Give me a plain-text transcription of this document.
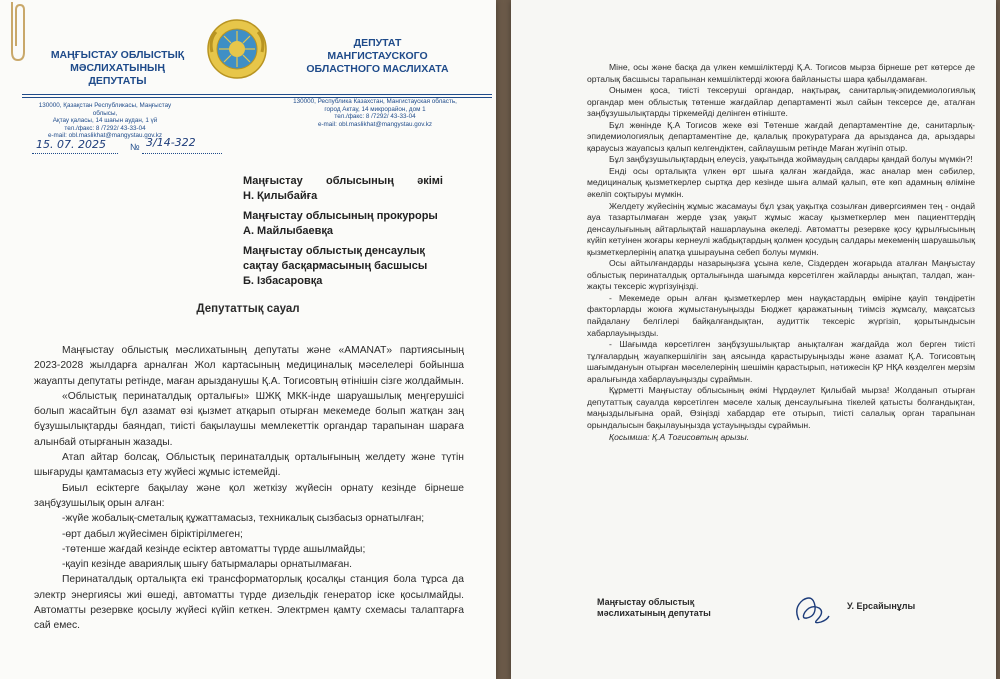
МАҢҒЫСТАУ ОБЛЫСТЫҚ
МӘСЛИХАТЫНЫҢ
ДЕПУТАТЫ
ДЕПУТАТ
МАНГИСТАУСКОГО
ОБЛАСТНОГО МАСЛИХАТА
130000, Қазақстан Республикасы, Маңғыстау облысы,
Ақтау қаласы, 14 шағын аудан, 1 үй
тел./факс: 8 /7292/ 43-33-04
e-mail: obl.maslikhat@mangystau.gov.kz
130000, Республика Казахстан, Мангистауская область,
город Актау, 14 микрорайон, дом 1
тел./факс: 8 /7292/ 43-33-04
e-mail: obl.maslikhat@mangystau.gov.kz
15. 07. 2025	№ 3/14-322
Маңғыстау облысының әкімі
Н. Қилыбайға
Маңғыстау облысының прокуроры
А. Майлыбаевқа
Маңғыстау облыстық денсаулық
сақтау басқармасының басшысы
Б. Ізбасаровқа
Депутаттық сауал

Маңғыстау облыстық мәслихатының депутаты және «AMANAT» партиясының 2023-2028 жылдарға арналған Жол картасының медициналық мәселелері бойынша жауапты депутаты ретінде, маған арызданушы Қ.А. Тогисовтың өтінішін сізге жолдаймын.

«Облыстық перинаталдық орталығы» ШЖҚ МКК-інде шаруашылық меңгерушісі болып жасайтын бұл азамат өзі қызмет атқарып отырған мекемеде болып жатқан заң бұзушылықтарды баяндап, тиісті бақылаушы мемлекеттік органдар тарапынан шараға алынбай отырғанын жазады.

Атап айтар болсақ, Облыстық перинаталдық орталығының желдету және түтін шығаруды қамтамасыз ету жүйесі жұмыс істемейді.

Биыл есіктерге бақылау және қол жеткізу жүйесін орнату кезінде бірнеше заңбұзушылық орын алған:

-жүйе жобалық-сметалық құжаттамасыз, техникалық сызбасыз орнатылған;

-өрт дабыл жүйесімен біріктірілмеген;

-төтенше жағдай кезінде есіктер автоматты түрде ашылмайды;

-қауіп кезінде авариялық шығу батырмалары орнатылмаған.

Перинаталдық орталықта екі трансформаторлық қосалқы станция бола тұрса да электр энергиясы жиі өшеді, автоматты түрде дизельдік генератор іске қосылмайды. Автоматты резервке қосылу жүйесі күйіп кеткен. Электрмен қамту схемасы талаптарға сай емес.

Міне, осы және басқа да үлкен кемшіліктерді Қ.А. Тогисов мырза бірнеше рет көтерсе де орталық басшысы тарапынан кемшіліктерді жоюға байланысты шара қабылдамаған.

Онымен қоса, тиісті тексеруші органдар, нақтырақ, санитарлық-эпидемиологиялық органдар мен облыстық төтенше жағдайлар департаменті жыл сайын тексерсе де, аталған заңбұзушылықтарды тіркемейді делінген өтініште.

Бұл жөнінде Қ.А Тогисов жеке өзі Төтенше жағдай департаментіне де, санитарлық-эпидемиологиялық департаментіне де, қалалық прокуратураға да арызданса да, арыздары қараусыз жауапсыз қалып келгендіктен, сайлаушым ретінде Маған жүгініп отыр.

Бұл заңбұзушылықтардың елеусіз, уақытында жоймаудың салдары қандай болуы мүмкін?!

Енді осы орталықта үлкен өрт шыға қалған жағдайда, жас аналар мен сәбилер, медициналық қызметкерлер сыртқа дер кезінде шыға алмай қалып, өте көп адамның өліміне әкеліп соқтыруы мүмкін.

Желдету жүйесінің жұмыс жасамауы бұл ұзақ уақытқа созылған дивергсиямен тең - ондай ауа тазартылмаған жерде ұзақ уақыт жұмыс жасау қызметкерлер мен пациенттердің денсаулығының айтарлықтай нашарлауына әкеледі. Автоматты резервке қосу құрылғысының күйіп кетуінен жоғары кернеулі жабдықтардың қолмен қосудың салдары мекеменің шаруашылық қызметкерлерінің апатқа ұшырауына себеп болуы мүмкін.

Осы айтылғандарды назарыңызға ұсына келе, Сіздерден жоғарыда аталған Маңғыстау облыстық перинаталдық орталығында шағымда көрсетілген жайларды анықтап, талдап, жан-жақты тексеріс жүргізуіңізді.

- Мекемеде орын алған қызметкерлер мен науқастардың өміріне қауіп төндіретін факторларды жоюға жұмыстануыңызды Бюджет қаражатының тиімсіз жұмсалу, мақсатсыз пайдалану белгілері байқалғандықтан, аудиттік тексеріс жүргізіп, қорытындысын хабарлауыңызды.

- Шағымда көрсетілген заңбұзушылықтар анықталған жағдайда жол берген тиісті тұлғалардың жауапкершілігін заң аясында қарастыруыңызды және азамат Қ.А. Тогисовтың шағымдануын отырған мәселелерінің шешімін қарастырып, нәтижесін ҚР НҚА көзделген мерзім аралығында хабарлауыңызды сұраймын.

Құрметті Маңғыстау облысының әкімі Нұрдәулет Қилыбай мырза! Жолданып отырған депутаттық сауалда көрсетілген мәселе халық денсаулығына тікелей қатысты болғандықтан, маңыздылығына орай, Өзіңізді хабардар ете отырып, тиісті салалық орган тарапынан орындалысын бақылауыңызда ұстауыңызды сұраймын.

Қосымша: Қ.А Тогисовтың арызы.

Маңғыстау облыстық
мәслихатының депутаты
У. Ерсайынұлы
